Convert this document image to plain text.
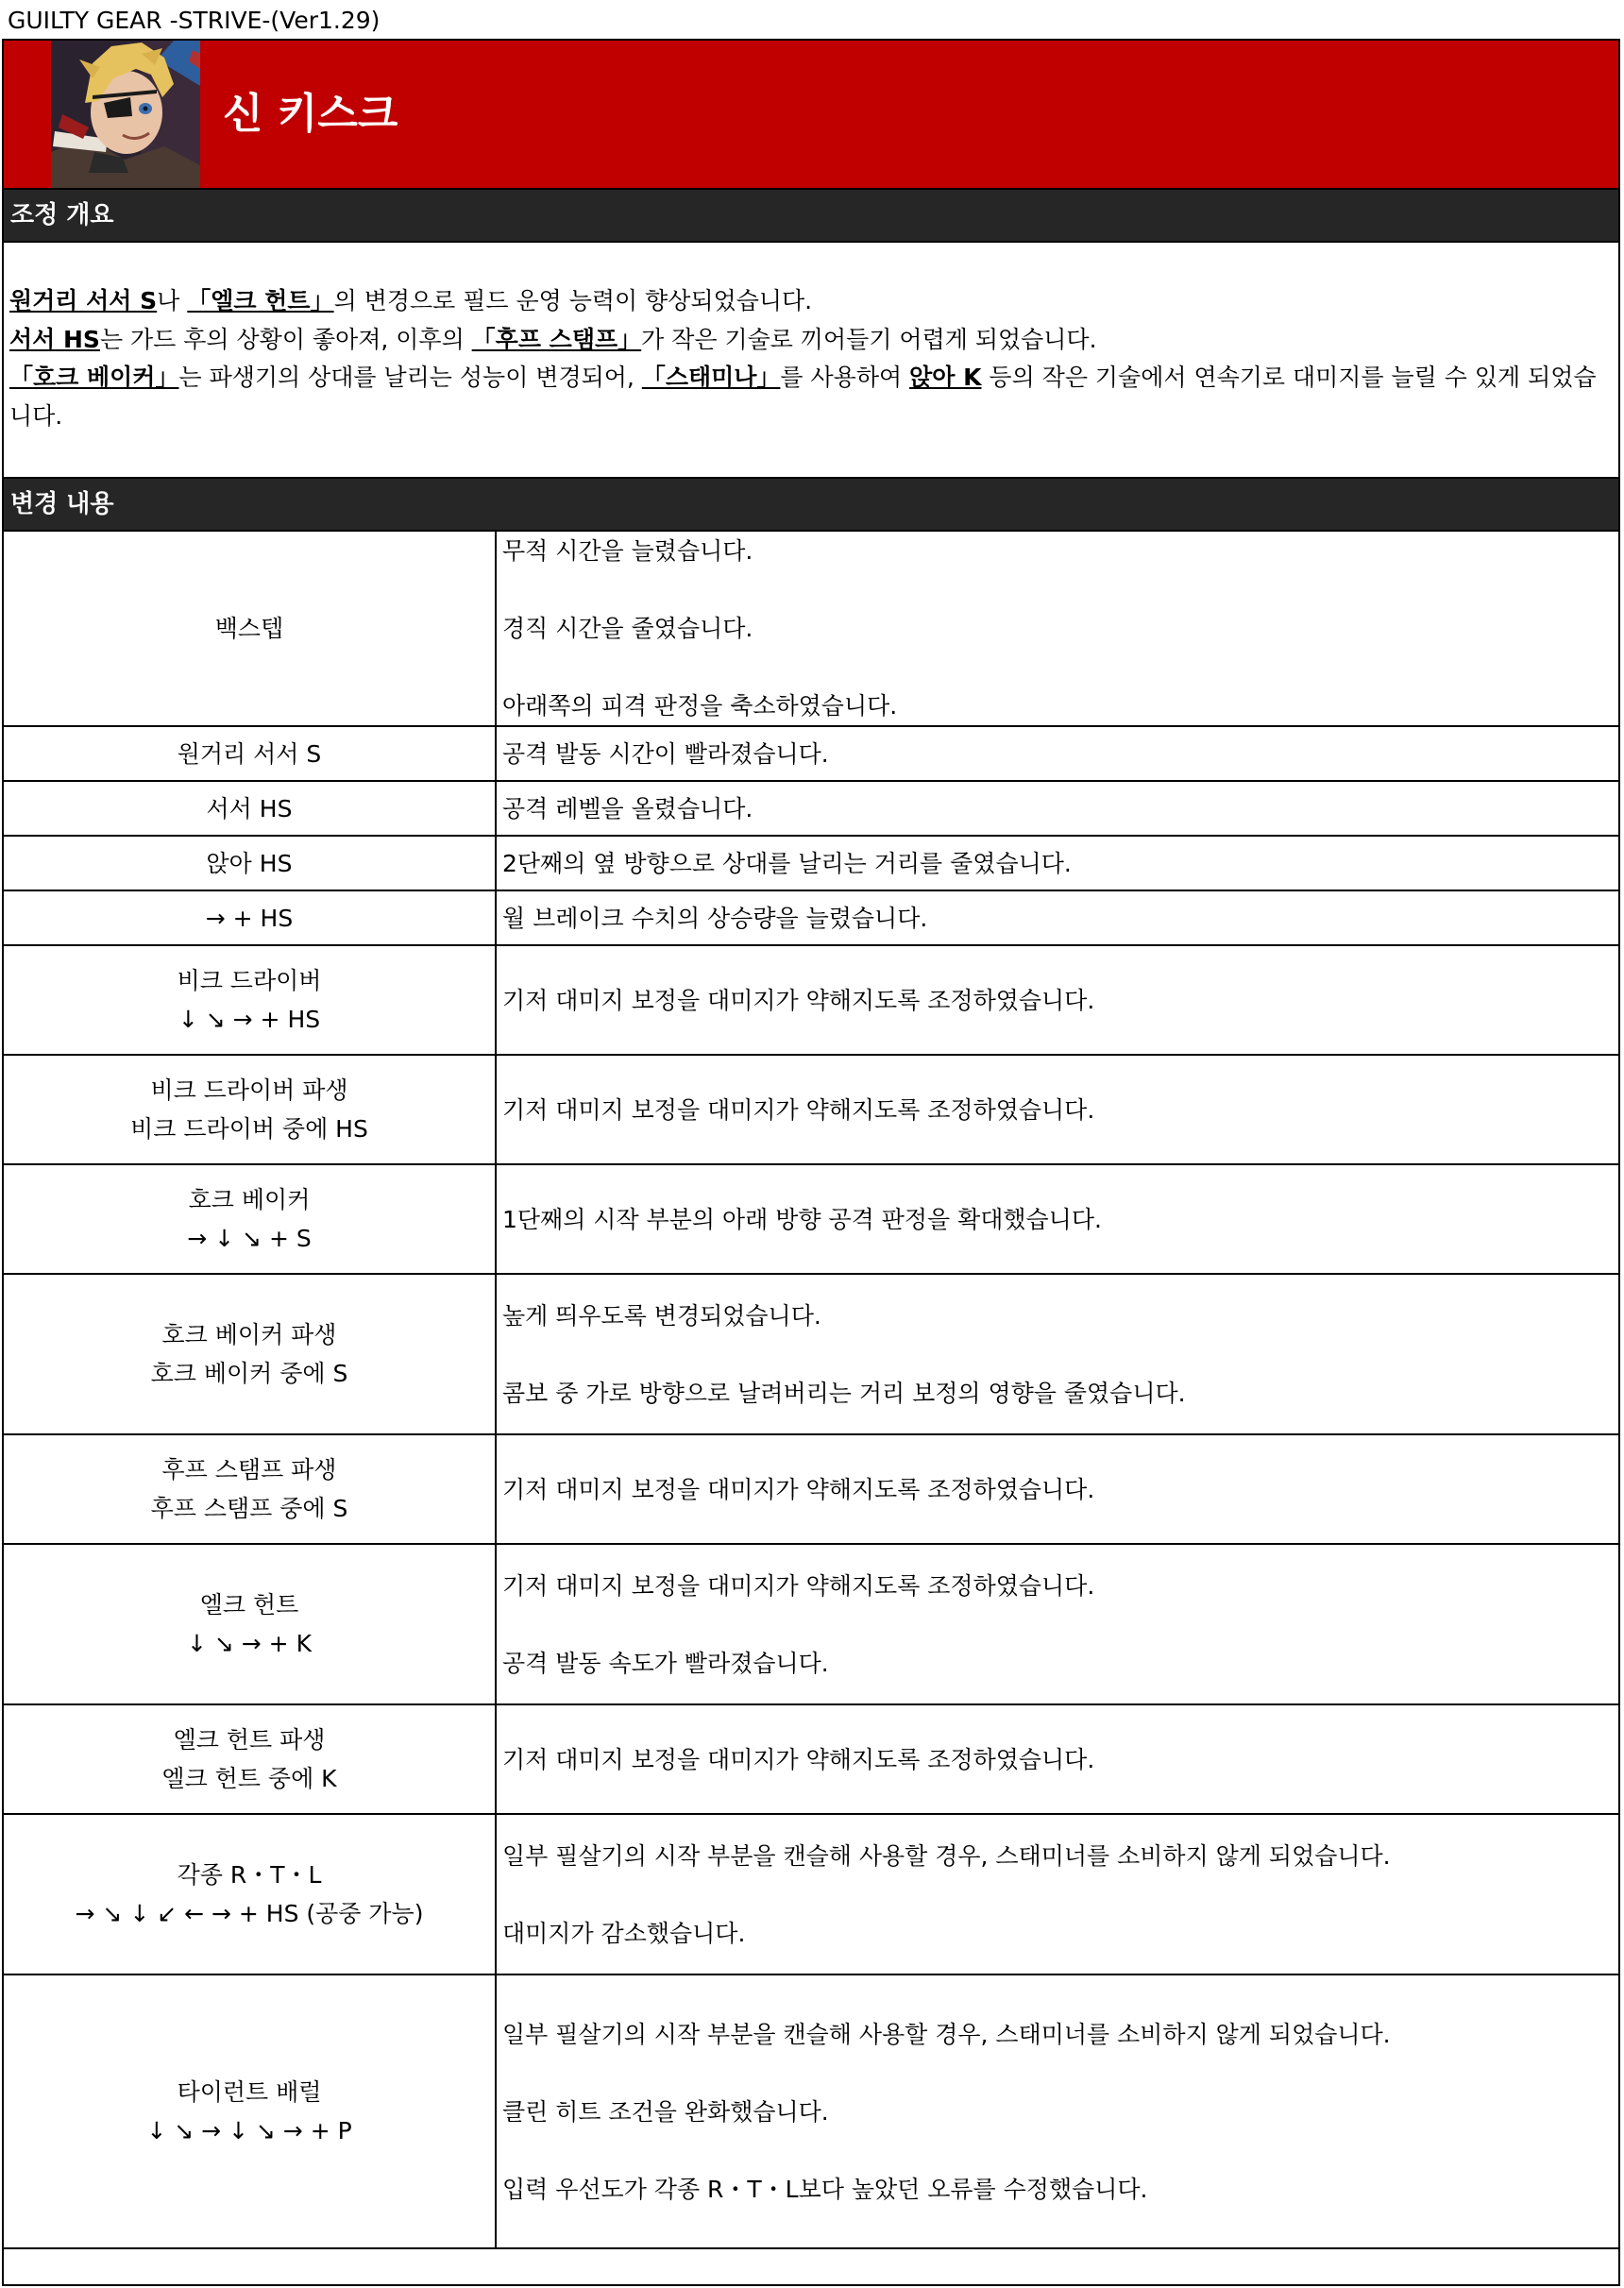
GUILTY GEAR -STRIVE-(Ver1.29)
신 키스크
조정 개요

원거리 서서 S나 「엘크 헌트」의 변경으로 필드 운영 능력이 향상되었습니다.

서서 HS는 가드 후의 상황이 좋아져, 이후의 「후프 스탬프」가 작은 기술로 끼어들기 어렵게 되었습니다.

「호크 베이커」는 파생기의 상대를 날리는 성능이 변경되어, 「스태미나」를 사용하여 앉아 K 등의 작은 기술에서 연속기로 대미지를 늘릴 수 있게 되었습니다.

변경 내용
백스텝	무적 시간을 늘렸습니다.
경직 시간을 줄였습니다.
아래쪽의 피격 판정을 축소하였습니다.

원거리 서서 S	공격 발동 시간이 빨라졌습니다.

서서 HS	공격 레벨을 올렸습니다.

앉아 HS	2단째의 옆 방향으로 상대를 날리는 거리를 줄였습니다.

→ + HS	월 브레이크 수치의 상승량을 늘렸습니다.

비크 드라이버
↓ ↘ → + HS	기저 대미지 보정을 대미지가 약해지도록 조정하였습니다.

비크 드라이버 파생
비크 드라이버 중에 HS	기저 대미지 보정을 대미지가 약해지도록 조정하였습니다.

호크 베이커
→ ↓ ↘ + S	1단째의 시작 부분의 아래 방향 공격 판정을 확대했습니다.

호크 베이커 파생
호크 베이커 중에 S	높게 띄우도록 변경되었습니다.
콤보 중 가로 방향으로 날려버리는 거리 보정의 영향을 줄였습니다.

후프 스탬프 파생
후프 스탬프 중에 S	기저 대미지 보정을 대미지가 약해지도록 조정하였습니다.

엘크 헌트
↓ ↘ → + K	기저 대미지 보정을 대미지가 약해지도록 조정하였습니다.
공격 발동 속도가 빨라졌습니다.

엘크 헌트 파생
엘크 헌트 중에 K	기저 대미지 보정을 대미지가 약해지도록 조정하였습니다.

각종 R・T・L
→ ↘ ↓ ↙ ← → + HS (공중 가능)	일부 필살기의 시작 부분을 캔슬해 사용할 경우, 스태미너를 소비하지 않게 되었습니다.
대미지가 감소했습니다.

타이런트 배럴
↓ ↘ → ↓ ↘ → + P	일부 필살기의 시작 부분을 캔슬해 사용할 경우, 스태미너를 소비하지 않게 되었습니다.
클린 히트 조건을 완화했습니다.
입력 우선도가 각종 R・T・L보다 높았던 오류를 수정했습니다.
